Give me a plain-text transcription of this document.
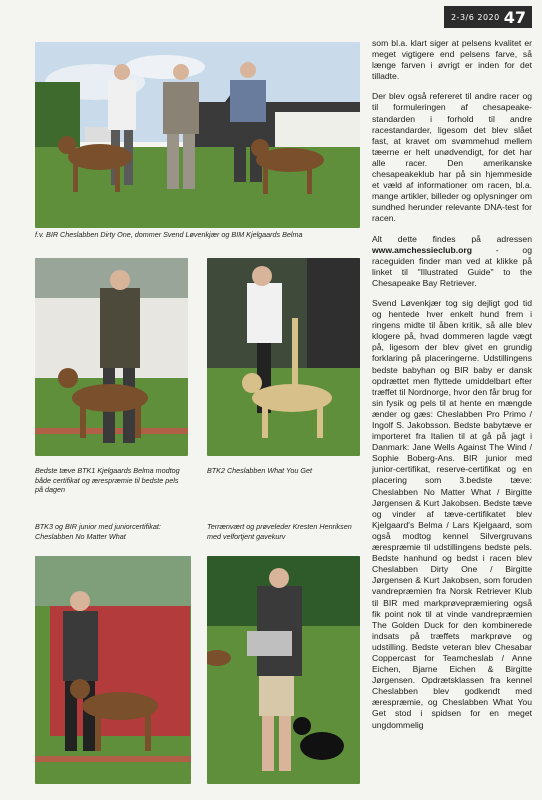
2-3/6 2020 47
f.v. BIR Cheslabben Dirty One, dommer Svend Løvenkjær og BIM Kjelgaards Belma
Bedste tæve BTK1 Kjelgaards Belma modtog både certifikat og ærespræmie til bedste pels på dagen
BTK2 Cheslabben What You Get
BTK3 og BIR junior med juniorcertifikat: Cheslabben No Matter What
Terrænvært og prøveleder Kresten Henriksen med velfortjent gavekurv

som bl.a. klart siger at pelsens kvalitet er meget vigtigere end pelsens farve, så længe farven i øvrigt er inden for det tilladte.

Der blev også refereret til andre racer og til formuleringen af chesapeake-standarden i forhold til andre racestandarder, ligesom det blev slået fast, at kravet om svømmehud mellem tæerne er helt unødvendigt, for det har alle racer. Den amerikanske chesapeakeklub har på sin hjemmeside et væld af informationer om racen, bl.a. mange artikler, billeder og oplysninger om sundhed herunder relevante DNA-test for racen.

Alt dette findes på adressen www.amchessieclub.org	- og raceguiden finder man ved at klikke på linket til "Illustrated Guide" to the Chesapeake Bay Retriever.

Svend Løvenkjær tog sig dejligt god tid og hentede hver enkelt hund frem i ringens midte til åben kritik, så alle blev klogere på, hvad dommeren lagde vægt på, ligesom der blev givet en grundig forklaring på placeringerne. Udstillingens bedste babyhan og BIR baby er dansk opdrættet men flyttede umiddelbart efter træffet til Nordnorge, hvor den får brug for sin fysik og pels til at hente en mængde ænder og gæs: Cheslabben Pro Primo / Ingolf S. Jakobsson. Bedste babytæve er importeret fra Italien til at gå på jagt i Danmark: Jane Wells Against The Wind / Sophie Boberg-Ans. BIR junior med junior-certifikat, reserve-certifikat og en placering som 3.bedste tæve: Cheslabben No Matter What / Birgitte Jørgensen & Kurt Jakobsen. Bedste tæve og vinder af tæve-certifikatet blev Kjelgaard's Belma / Lars Kjelgaard, som også modtog kennel Silvergruvans ærespræmie til udstillingens bedste pels. Bedste hanhund og bedst i racen blev Cheslabben Dirty One / Birgitte Jørgensen & Kurt Jakobsen, som foruden vandrepræmien fra Norsk Retriever Klub til BIR med markprøvepræmiering også fik point nok til at vinde vandrepræmien The Golden Duck for den kombinerede indsats på træffets markprøve og udstilling. Bedste veteran blev Chesabar Coppercast for Teamcheslab / Anne Eichen, Bjarne Eichen & Birgitte Jørgensen. Opdrætsklassen fra kennel Cheslabben blev godkendt med ærespræmie, og Cheslabben What You Get stod i spidsen for en meget ungdommelig
